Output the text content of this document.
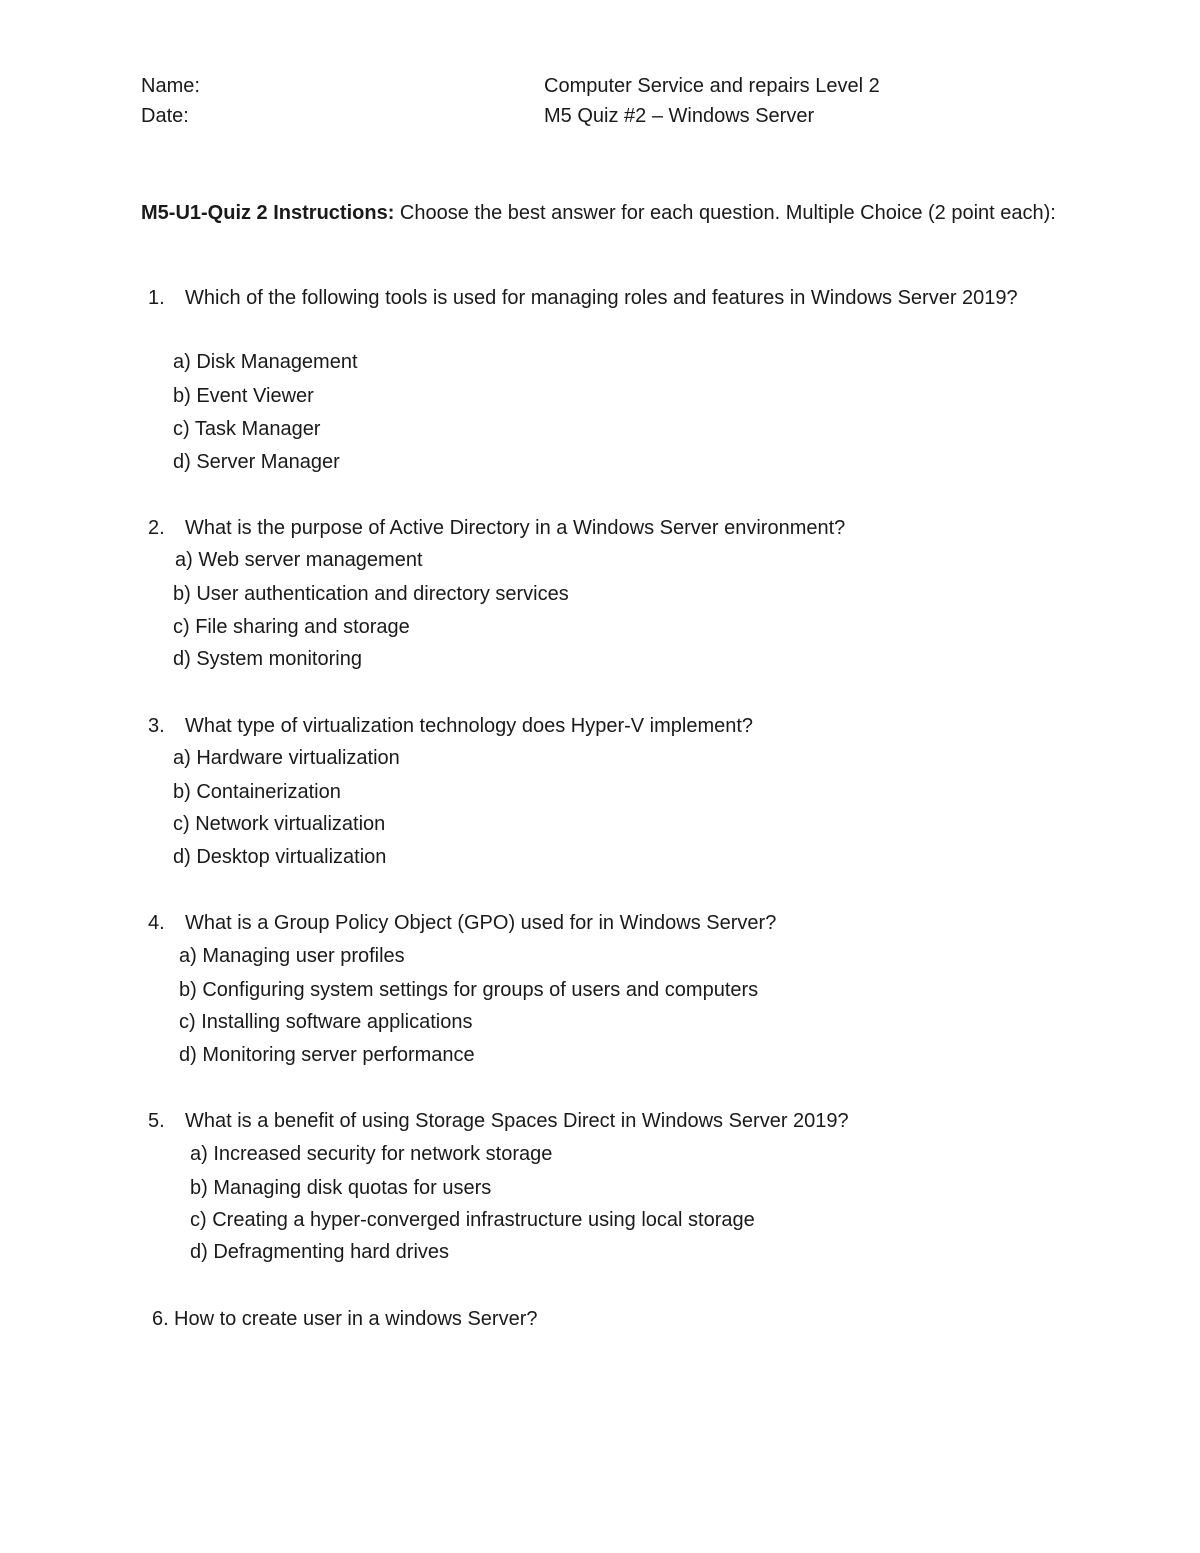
Name:
Date:
Computer Service and repairs Level 2
M5 Quiz #2 – Windows Server
M5-U1-Quiz 2 Instructions: Choose the best answer for each question. Multiple Choice (2 point each):
1. Which of the following tools is used for managing roles and features in Windows Server 2019?
a) Disk Management
b) Event Viewer
c) Task Manager
d) Server Manager
2. What is the purpose of Active Directory in a Windows Server environment?
a) Web server management
b) User authentication and directory services
c) File sharing and storage
d) System monitoring
3. What type of virtualization technology does Hyper-V implement?
a) Hardware virtualization
b) Containerization
c) Network virtualization
d) Desktop virtualization
4. What is a Group Policy Object (GPO) used for in Windows Server?
a) Managing user profiles
b) Configuring system settings for groups of users and computers
c) Installing software applications
d) Monitoring server performance
5. What is a benefit of using Storage Spaces Direct in Windows Server 2019?
a) Increased security for network storage
b) Managing disk quotas for users
c) Creating a hyper-converged infrastructure using local storage
d) Defragmenting hard drives
6. How to create user in a windows Server?
